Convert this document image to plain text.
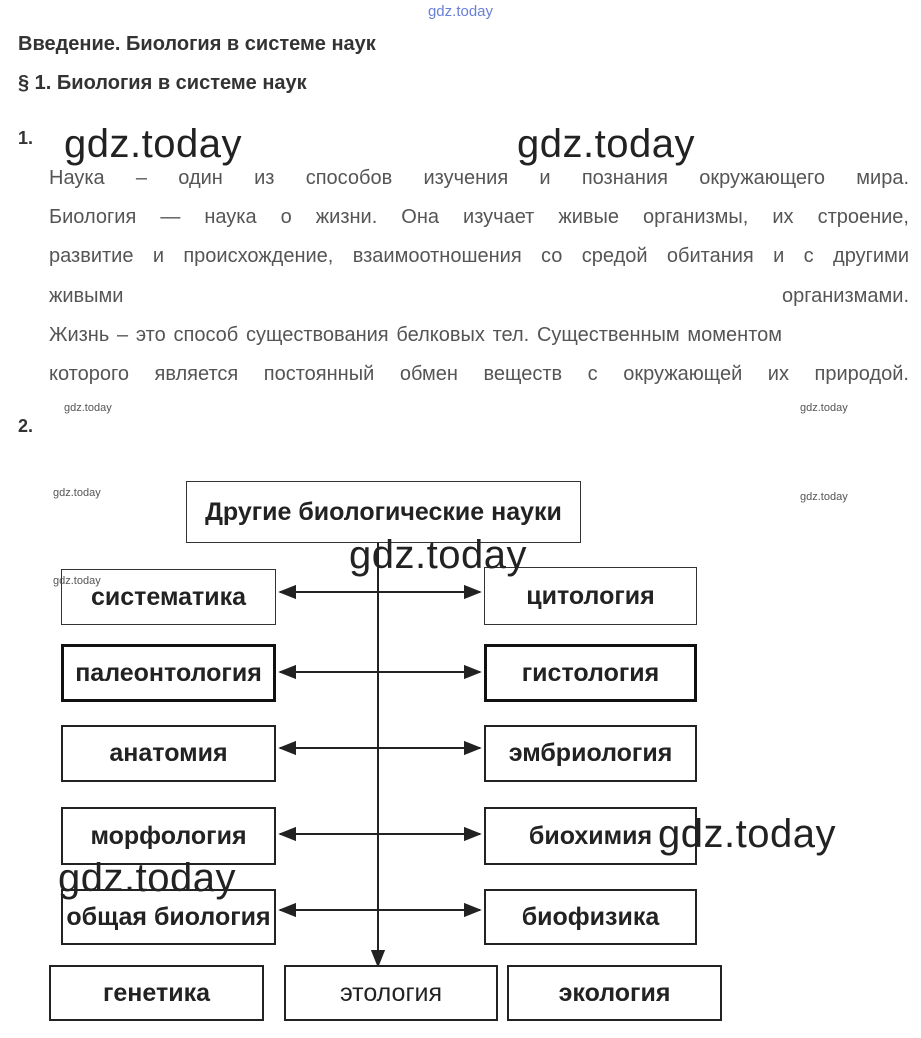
gdz.today
Введение. Биология в системе наук
§ 1. Биология в системе наук
1. gdz.today	gdz.today
Наука – один из способов изучения и познания окружающего мира.
Биология — наука о жизни. Она изучает живые организмы, их строение,
развитие и происхождение, взаимоотношения со средой обитания и с другими
живыми	организмами.
Жизнь – это способ существования белковых тел. Существенным моментом
которого является постоянный обмен веществ с окружающей их природой.
gdz.today	gdz.today
2.
gdz.today	gdz.today
Другие биологические науки
систематика
палеонтология
анатомия
морфология
общая биология
цитология
гистология
эмбриология
биохимия
биофизика
генетика	этология	экология
gdz.today
gdz.today
gdz.today
gdz.today
